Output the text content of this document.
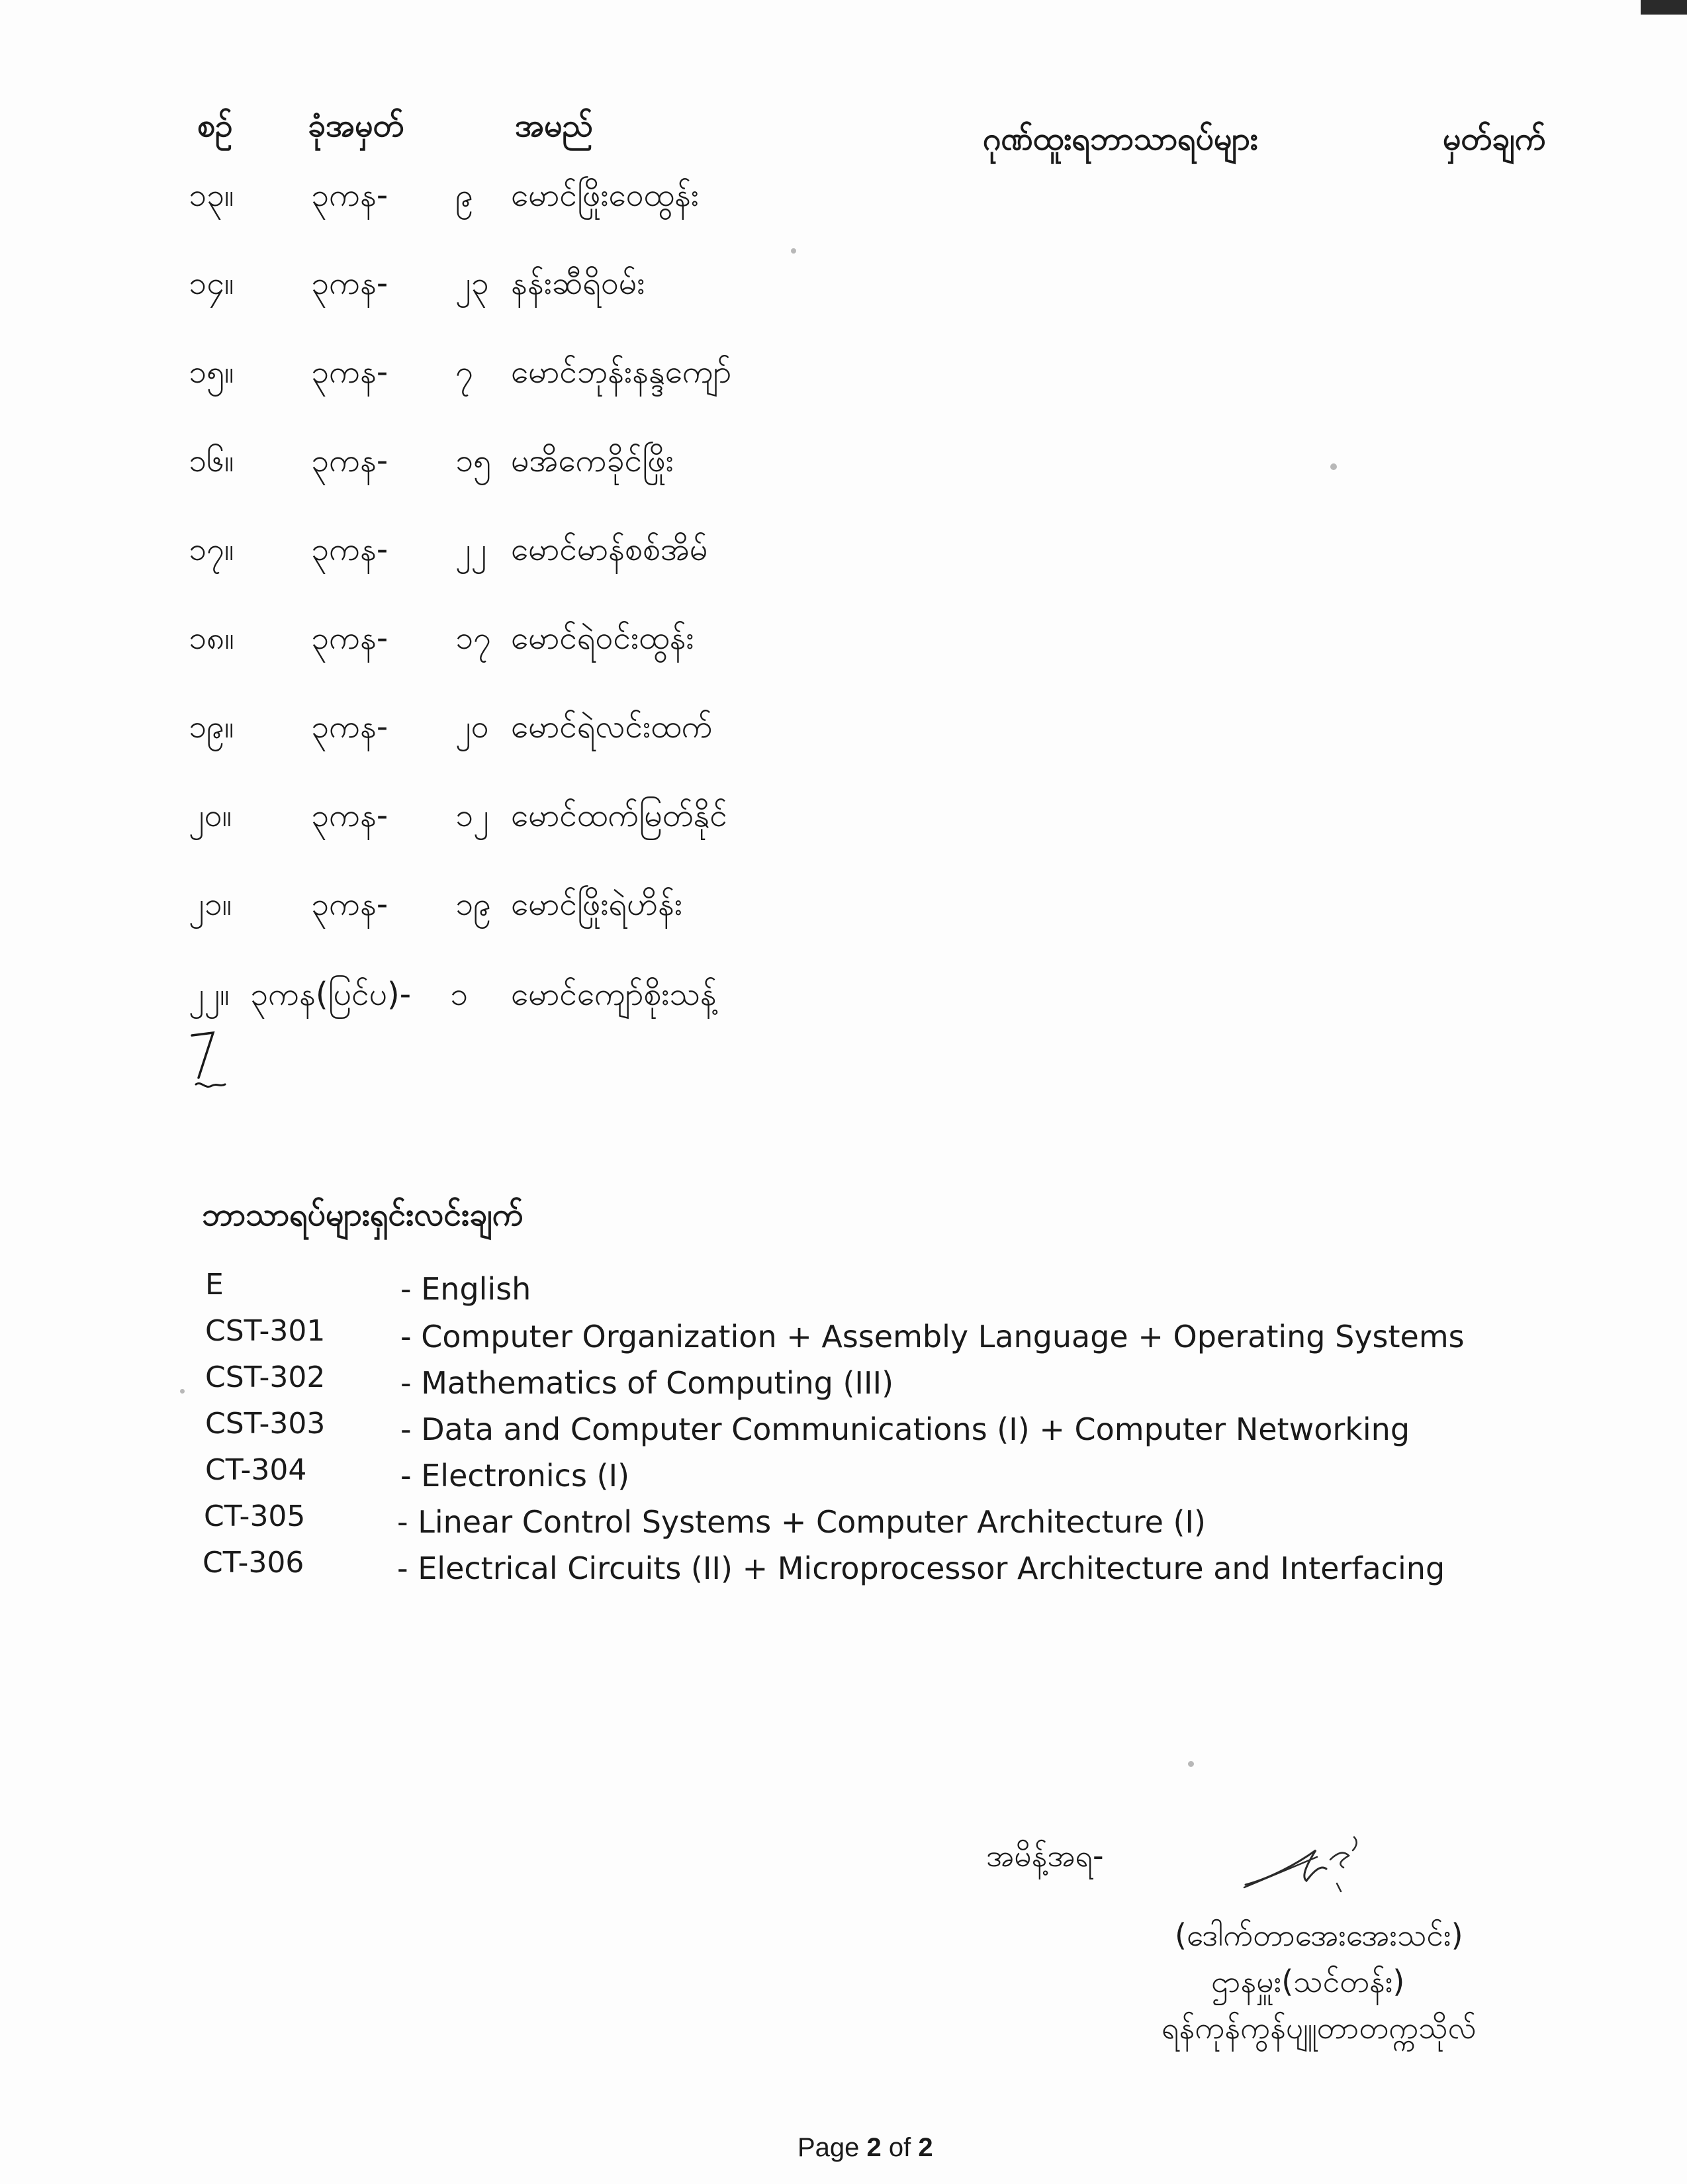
စဉ် ခုံအမှတ်	အမည်	ဂုဏ်ထူးရဘာသာရပ်များ	မှတ်ချက်
၁၃။ ၃ကန- ၉ မောင်ဖြိုးဝေထွန်း
၁၄။ ၃ကန- ၂၃ နန်းဆီရိဝမ်း
၁၅။ ၃ကန- ၇ မောင်ဘုန်းနန္ဒကျော်
၁၆။ ၃ကန- ၁၅ မအိကေခိုင်ဖြိုး
၁၇။ ၃ကန- ၂၂ မောင်မာန်စစ်အိမ်
၁၈။ ၃ကန- ၁၇ မောင်ရဲဝင်းထွန်း
၁၉။ ၃ကန- ၂၀ မောင်ရဲလင်းထက်
၂၀။ ၃ကန- ၁၂ မောင်ထက်မြတ်နိုင်
၂၁။ ၃ကန- ၁၉ မောင်ဖြိုးရဲဟိန်း
၂၂။ ၃ကန(ပြင်ပ)- ၁ မောင်ကျော်စိုးသန့်
ဘာသာရပ်များရှင်းလင်းချက်
E	- English
CST-301 - Computer Organization + Assembly Language + Operating Systems
CST-302 - Mathematics of Computing (III)
CST-303 - Data and Computer Communications (I) + Computer Networking
CT-304	- Electronics (I)
CT-305	- Linear Control Systems + Computer Architecture (I)
CT-306	- Electrical Circuits (II) + Microprocessor Architecture and Interfacing
အမိန့်အရ-
(ဒေါက်တာအေးအေးသင်း)
ဌာနမှူး(သင်တန်း)
ရန်ကုန်ကွန်ပျူတာတက္ကသိုလ်
Page 2 of 2
